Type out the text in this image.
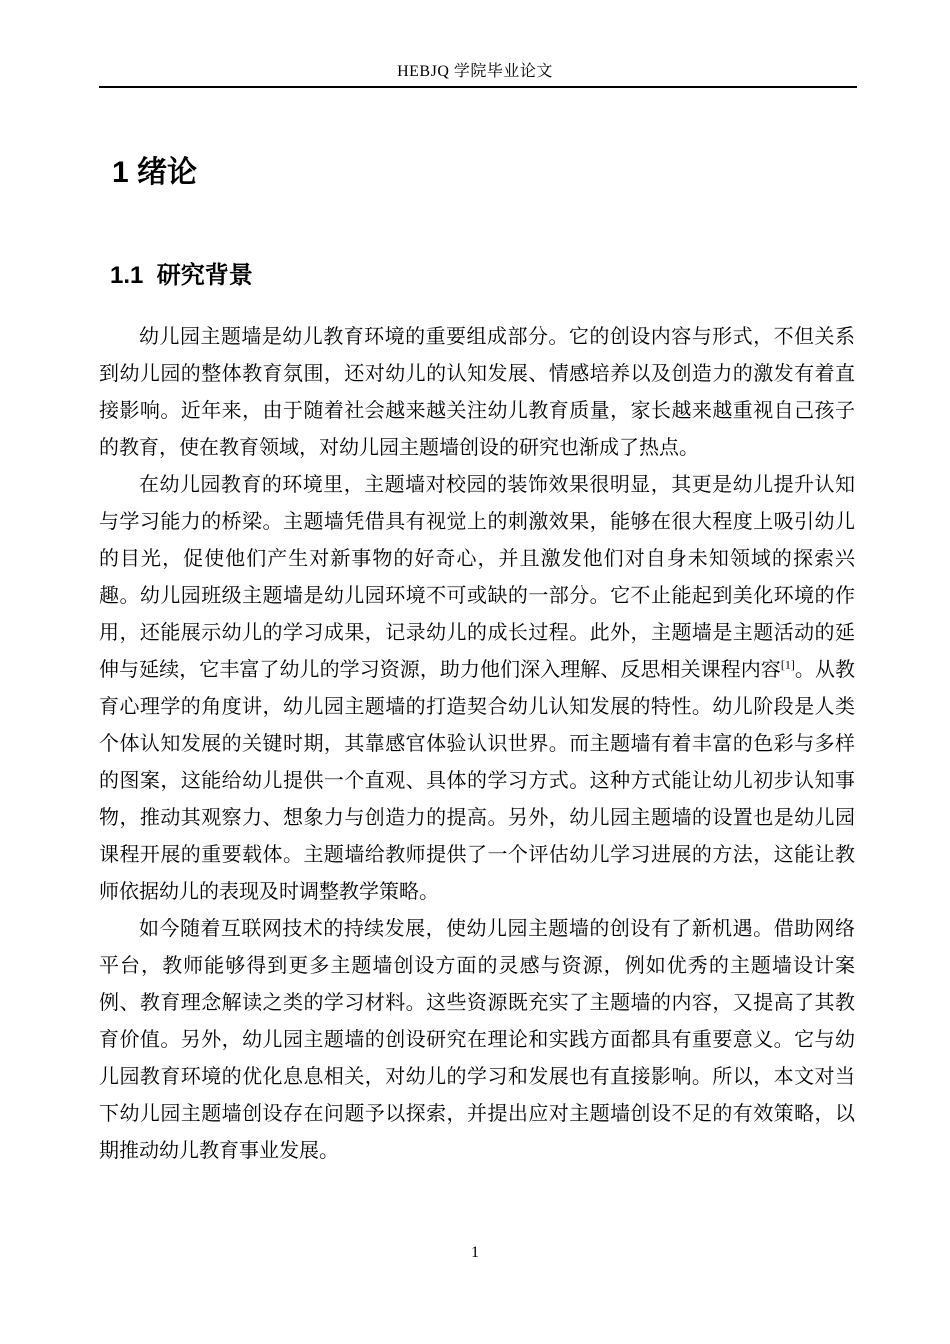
HEBJQ 学院毕业论文
1 绪论
1.1  研究背景

幼儿园主题墙是幼儿教育环境的重要组成部分。它的创设内容与形式，不但关系到幼儿园的整体教育氛围，还对幼儿的认知发展、情感培养以及创造力的激发有着直接影响。近年来，由于随着社会越来越关注幼儿教育质量，家长越来越重视自己孩子的教育，使在教育领域，对幼儿园主题墙创设的研究也渐成了热点。

在幼儿园教育的环境里，主题墙对校园的装饰效果很明显，其更是幼儿提升认知与学习能力的桥梁。主题墙凭借具有视觉上的刺激效果，能够在很大程度上吸引幼儿的目光，促使他们产生对新事物的好奇心，并且激发他们对自身未知领域的探索兴趣。幼儿园班级主题墙是幼儿园环境不可或缺的一部分。它不止能起到美化环境的作用，还能展示幼儿的学习成果，记录幼儿的成长过程。此外，主题墙是主题活动的延伸与延续，它丰富了幼儿的学习资源，助力他们深入理解、反思相关课程内容[1]。从教育心理学的角度讲，幼儿园主题墙的打造契合幼儿认知发展的特性。幼儿阶段是人类个体认知发展的关键时期，其靠感官体验认识世界。而主题墙有着丰富的色彩与多样的图案，这能给幼儿提供一个直观、具体的学习方式。这种方式能让幼儿初步认知事物，推动其观察力、想象力与创造力的提高。另外，幼儿园主题墙的设置也是幼儿园课程开展的重要载体。主题墙给教师提供了一个评估幼儿学习进展的方法，这能让教师依据幼儿的表现及时调整教学策略。

如今随着互联网技术的持续发展，使幼儿园主题墙的创设有了新机遇。借助网络平台，教师能够得到更多主题墙创设方面的灵感与资源，例如优秀的主题墙设计案例、教育理念解读之类的学习材料。这些资源既充实了主题墙的内容，又提高了其教育价值。另外，幼儿园主题墙的创设研究在理论和实践方面都具有重要意义。它与幼儿园教育环境的优化息息相关，对幼儿的学习和发展也有直接影响。所以，本文对当下幼儿园主题墙创设存在问题予以探索，并提出应对主题墙创设不足的有效策略，以期推动幼儿教育事业发展。

1
